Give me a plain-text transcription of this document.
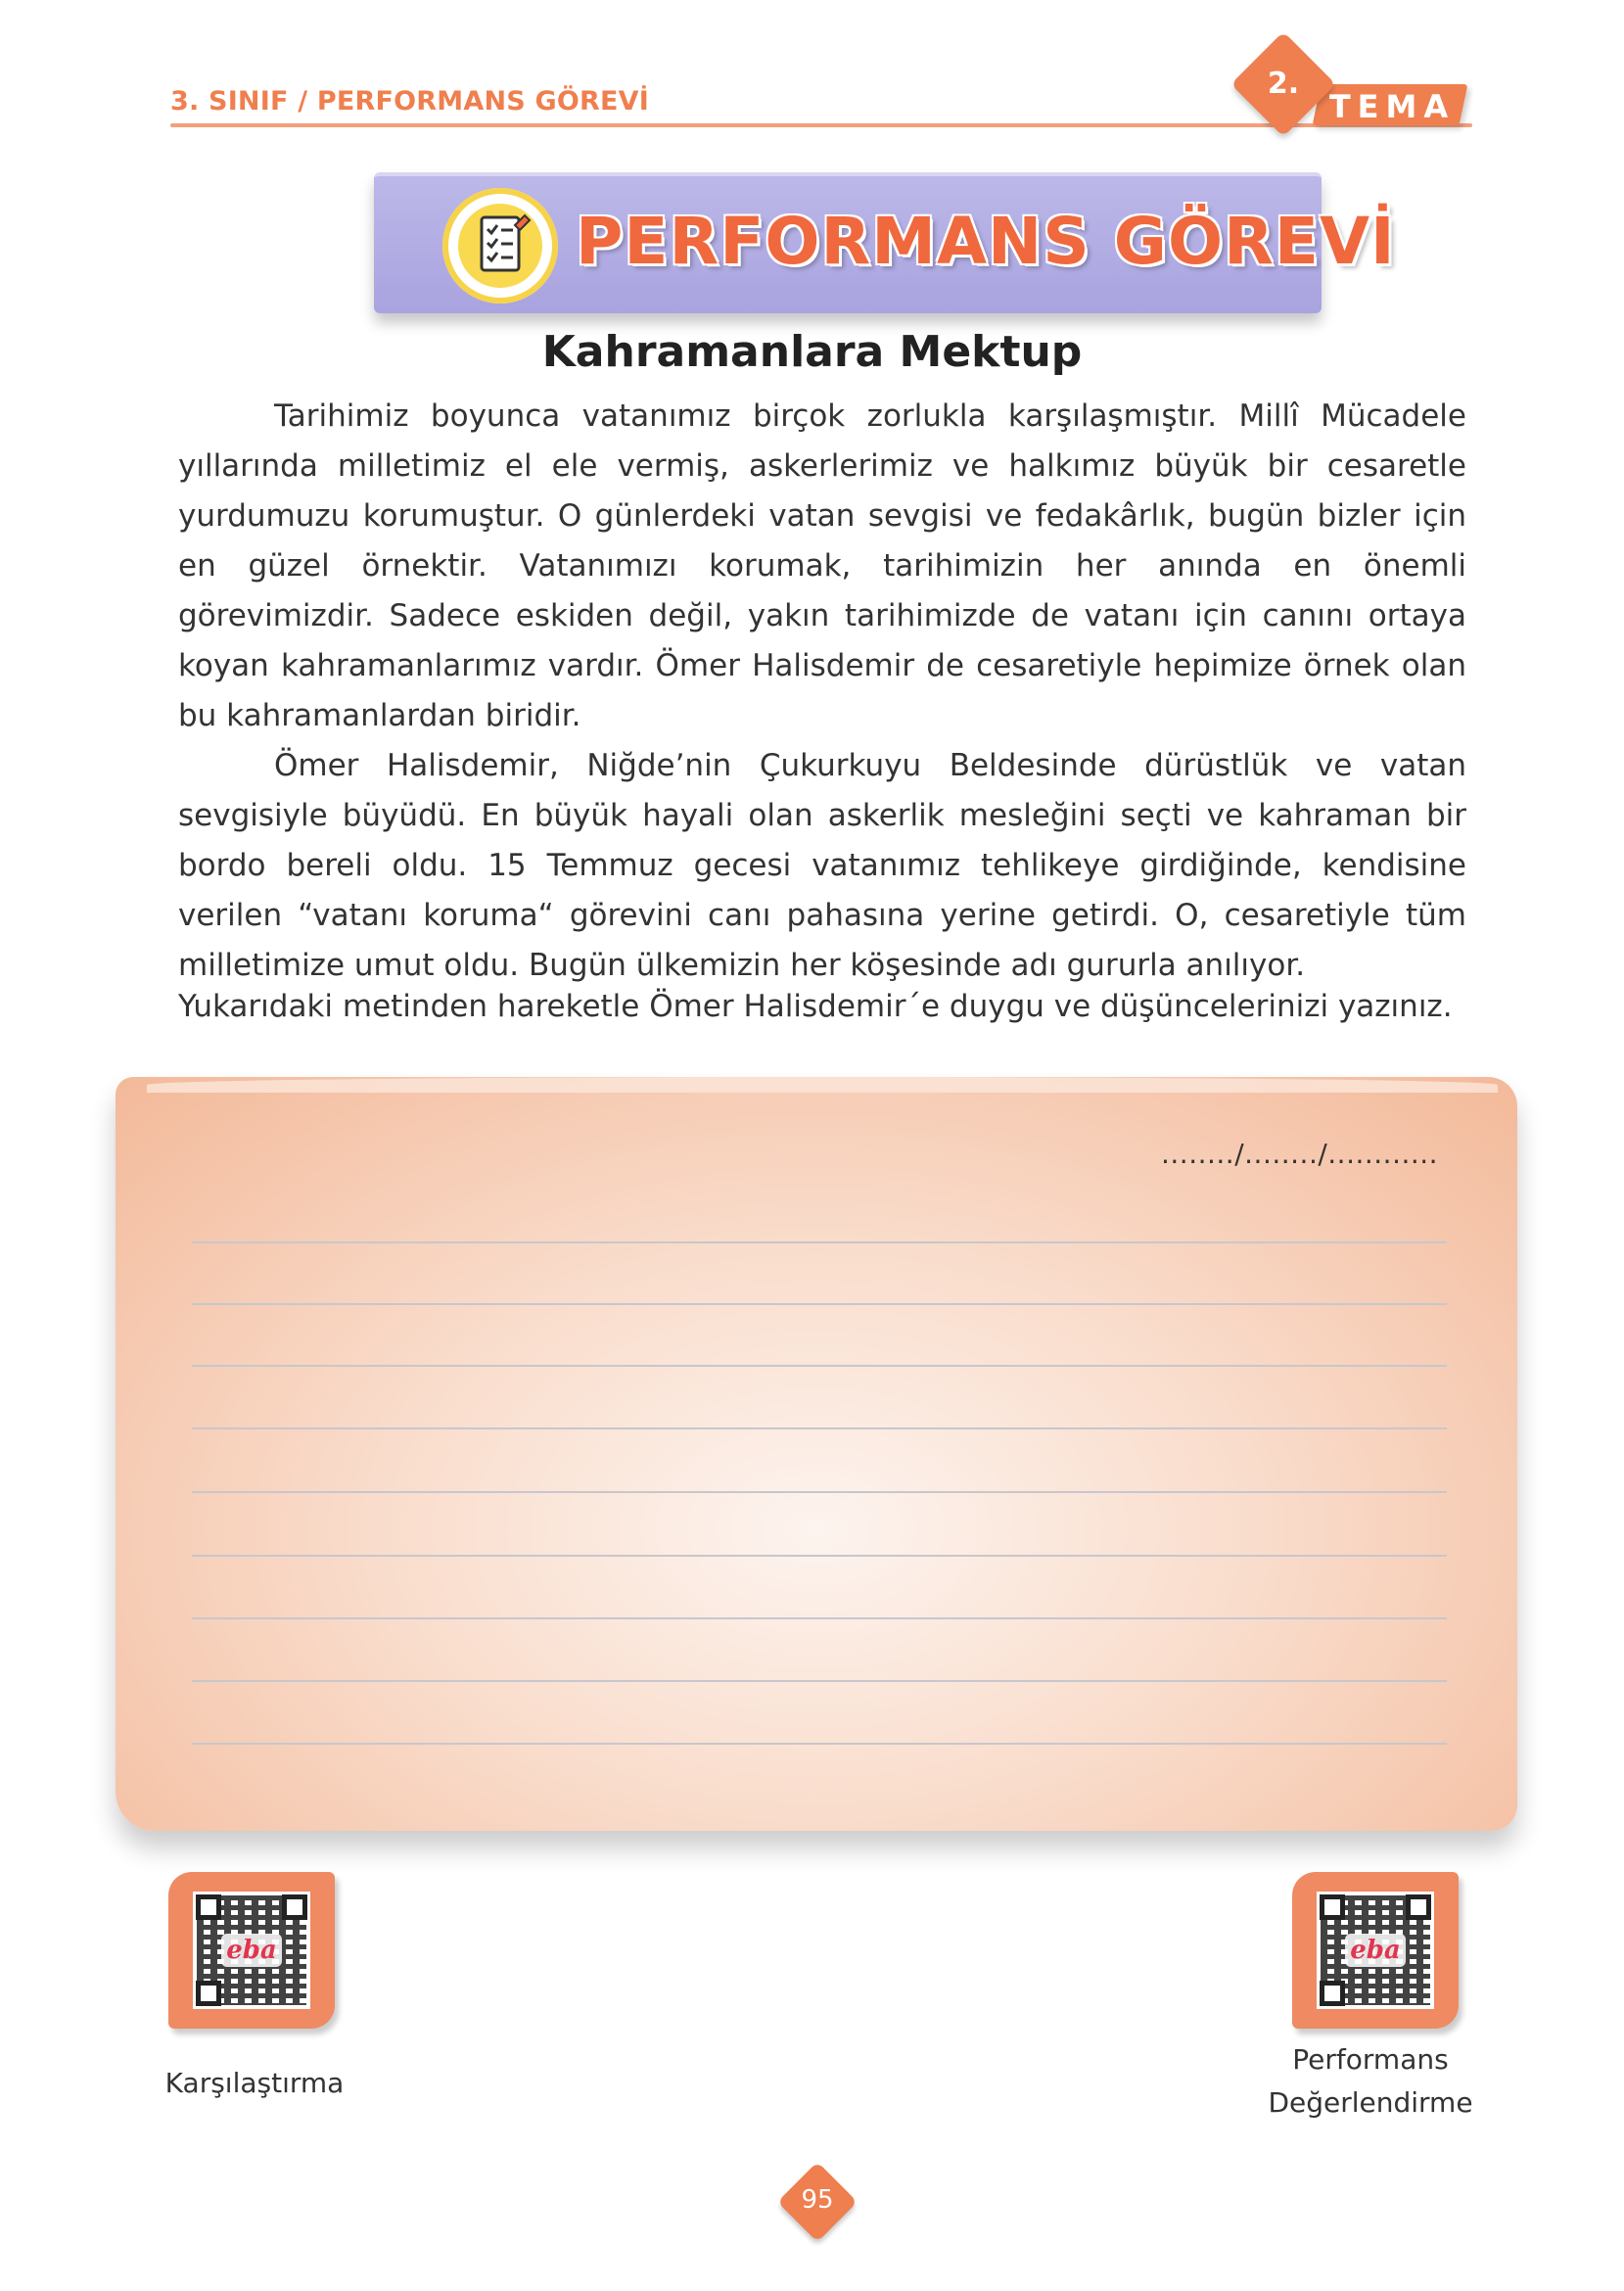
3. SINIF / PERFORMANS GÖREVİ	TEMA
2.
PERFORMANS GÖREVİ
Kahramanlara Mektup

Tarihimiz boyunca vatanımız birçok zorlukla karşılaşmıştır. Millî Mücadele yıllarında milletimiz el ele vermiş, askerlerimiz ve halkımız büyük bir cesaretle yurdumuzu korumuştur. O günlerdeki vatan sevgisi ve fedakârlık, bugün bizler için en güzel örnektir. Vatanımızı korumak, tarihimizin her anında en önemli görevimizdir. Sadece eskiden değil, yakın tarihimizde de vatanı için canını ortaya koyan kahramanlarımız vardır. Ömer Halisdemir de cesaretiyle hepimize örnek olan bu kahramanlardan biridir.

Ömer Halisdemir, Niğde’nin Çukurkuyu Beldesinde dürüstlük ve vatan sevgisiyle büyüdü. En büyük hayali olan askerlik mesleğini seçti ve kahraman bir bordo bereli oldu. 15 Temmuz gecesi vatanımız tehlikeye girdiğinde, kendisine verilen “vatanı koruma“ görevini canı pahasına yerine getirdi. O, cesaretiyle tüm milletimize umut oldu. Bugün ülkemizin her köşesinde adı gururla anılıyor.

Yukarıdaki metinden hareketle Ömer Halisdemir´e duygu ve düşüncelerinizi yazınız.
......../......../............
eba
Karşılaştırma
eba
Performans
Değerlendirme
95
